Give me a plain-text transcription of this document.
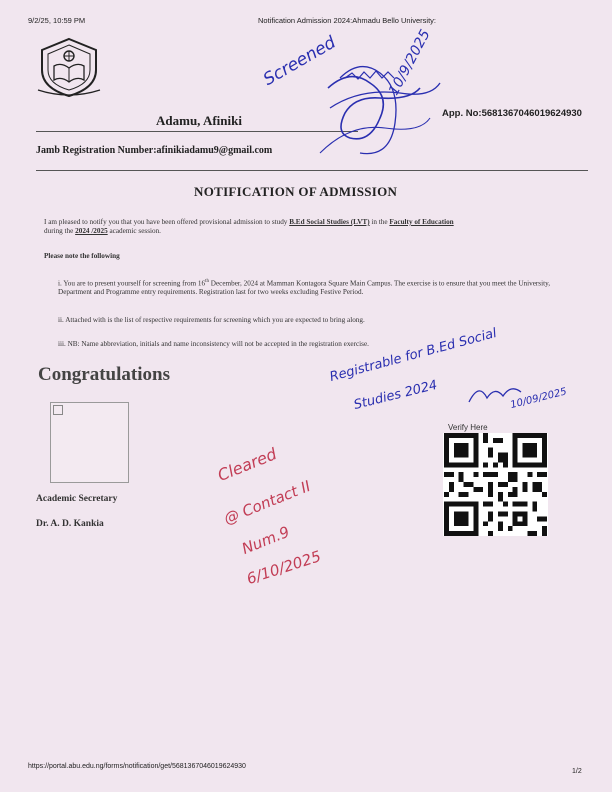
9/2/25, 10:59 PM	Notification Admission 2024:Ahmadu Bello University:
Adamu, Afiniki	App. No:5681367046019624930
Jamb Registration Number:afinikiadamu9@gmail.com
NOTIFICATION OF ADMISSION
I am pleased to notify you that you have been offered provisional admission to study B.Ed Social Studies (LVT) in the Faculty of Education
during the 2024 /2025 academic session.
Please note the following
i. You are to present yourself for screening from 16th December, 2024 at Mamman Kontagora Square Main Campus. The exercise is to ensure that you meet the University, Department and Programme entry requirements. Registration last for two weeks excluding Festive Period.
ii. Attached with is the list of respective requirements for screening which you are expected to bring along.
iii. NB: Name abbreviation, initials and name inconsistency will not be accepted in the registration exercise.
Congratulations
Academic Secretary
Dr. A. D. Kankia
Verify Here
Screened	10/9/2025
Registrable for B.Ed Social
Studies 2024	10/09/2025
Cleared
@ Contact II
Num.9
6/10/2025
https://portal.abu.edu.ng/forms/notification/get/5681367046019624930
1/2
